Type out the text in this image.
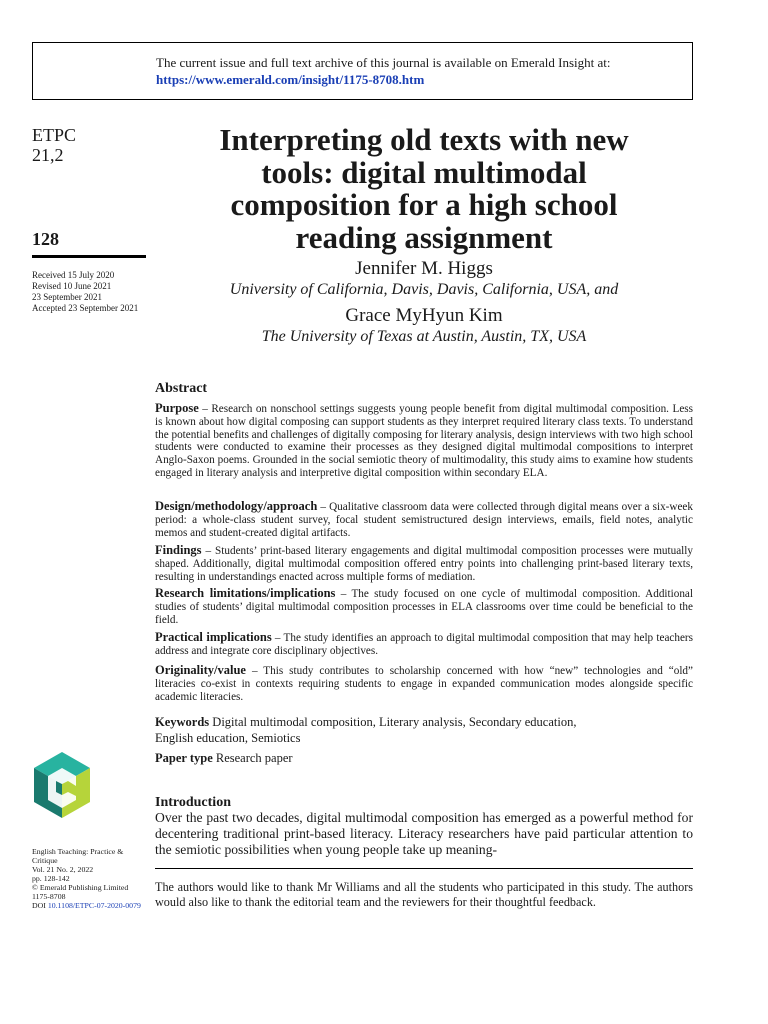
The current issue and full text archive of this journal is available on Emerald Insight at:
https://www.emerald.com/insight/1175-8708.htm
ETPC
21,2
128
Received 15 July 2020
Revised 10 June 2021
23 September 2021
Accepted 23 September 2021
Interpreting old texts with new
tools: digital multimodal
composition for a high school
reading assignment
Jennifer M. Higgs
University of California, Davis, Davis, California, USA, and
Grace MyHyun Kim
The University of Texas at Austin, Austin, TX, USA
Abstract
Purpose – Research on nonschool settings suggests young people benefit from digital multimodal composition. Less is known about how digital composing can support students as they interpret required literary class texts. To understand the potential benefits and challenges of digitally composing for literary analysis, design interviews with two high school students were conducted to examine their processes as they designed digital multimodal compositions to interpret Anglo-Saxon poems. Grounded in the social semiotic theory of multimodality, this study aims to examine how students engaged in literary analysis and interpretive digital composition within secondary ELA.
Design/methodology/approach – Qualitative classroom data were collected through digital means over a six-week period: a whole-class student survey, focal student semistructured design interviews, emails, field notes, analytic memos and student-created digital artifacts.
Findings – Students’ print-based literary engagements and digital multimodal composition processes were mutually shaped. Additionally, digital multimodal composition offered entry points into challenging print-based literary texts, resulting in understandings enacted across multiple forms of mediation.
Research limitations/implications – The study focused on one cycle of multimodal composition. Additional studies of students’ digital multimodal composition processes in ELA classrooms over time could be beneficial to the field.
Practical implications – The study identifies an approach to digital multimodal composition that may help teachers address and integrate core disciplinary objectives.
Originality/value – This study contributes to scholarship concerned with how “new” technologies and “old” literacies co-exist in contexts requiring students to engage in expanded communication modes alongside specific academic literacies.
Keywords Digital multimodal composition, Literary analysis, Secondary education,
English education, Semiotics
Paper type Research paper
English Teaching: Practice &
Critique
Vol. 21 No. 2, 2022
pp. 128-142
© Emerald Publishing Limited
1175-8708
DOI 10.1108/ETPC-07-2020-0079
Introduction
Over the past two decades, digital multimodal composition has emerged as a powerful method for decentering traditional print-based literacy. Literacy researchers have paid particular attention to the semiotic possibilities when young people take up meaning-
The authors would like to thank Mr Williams and all the students who participated in this study. The authors would also like to thank the editorial team and the reviewers for their thoughtful feedback.
